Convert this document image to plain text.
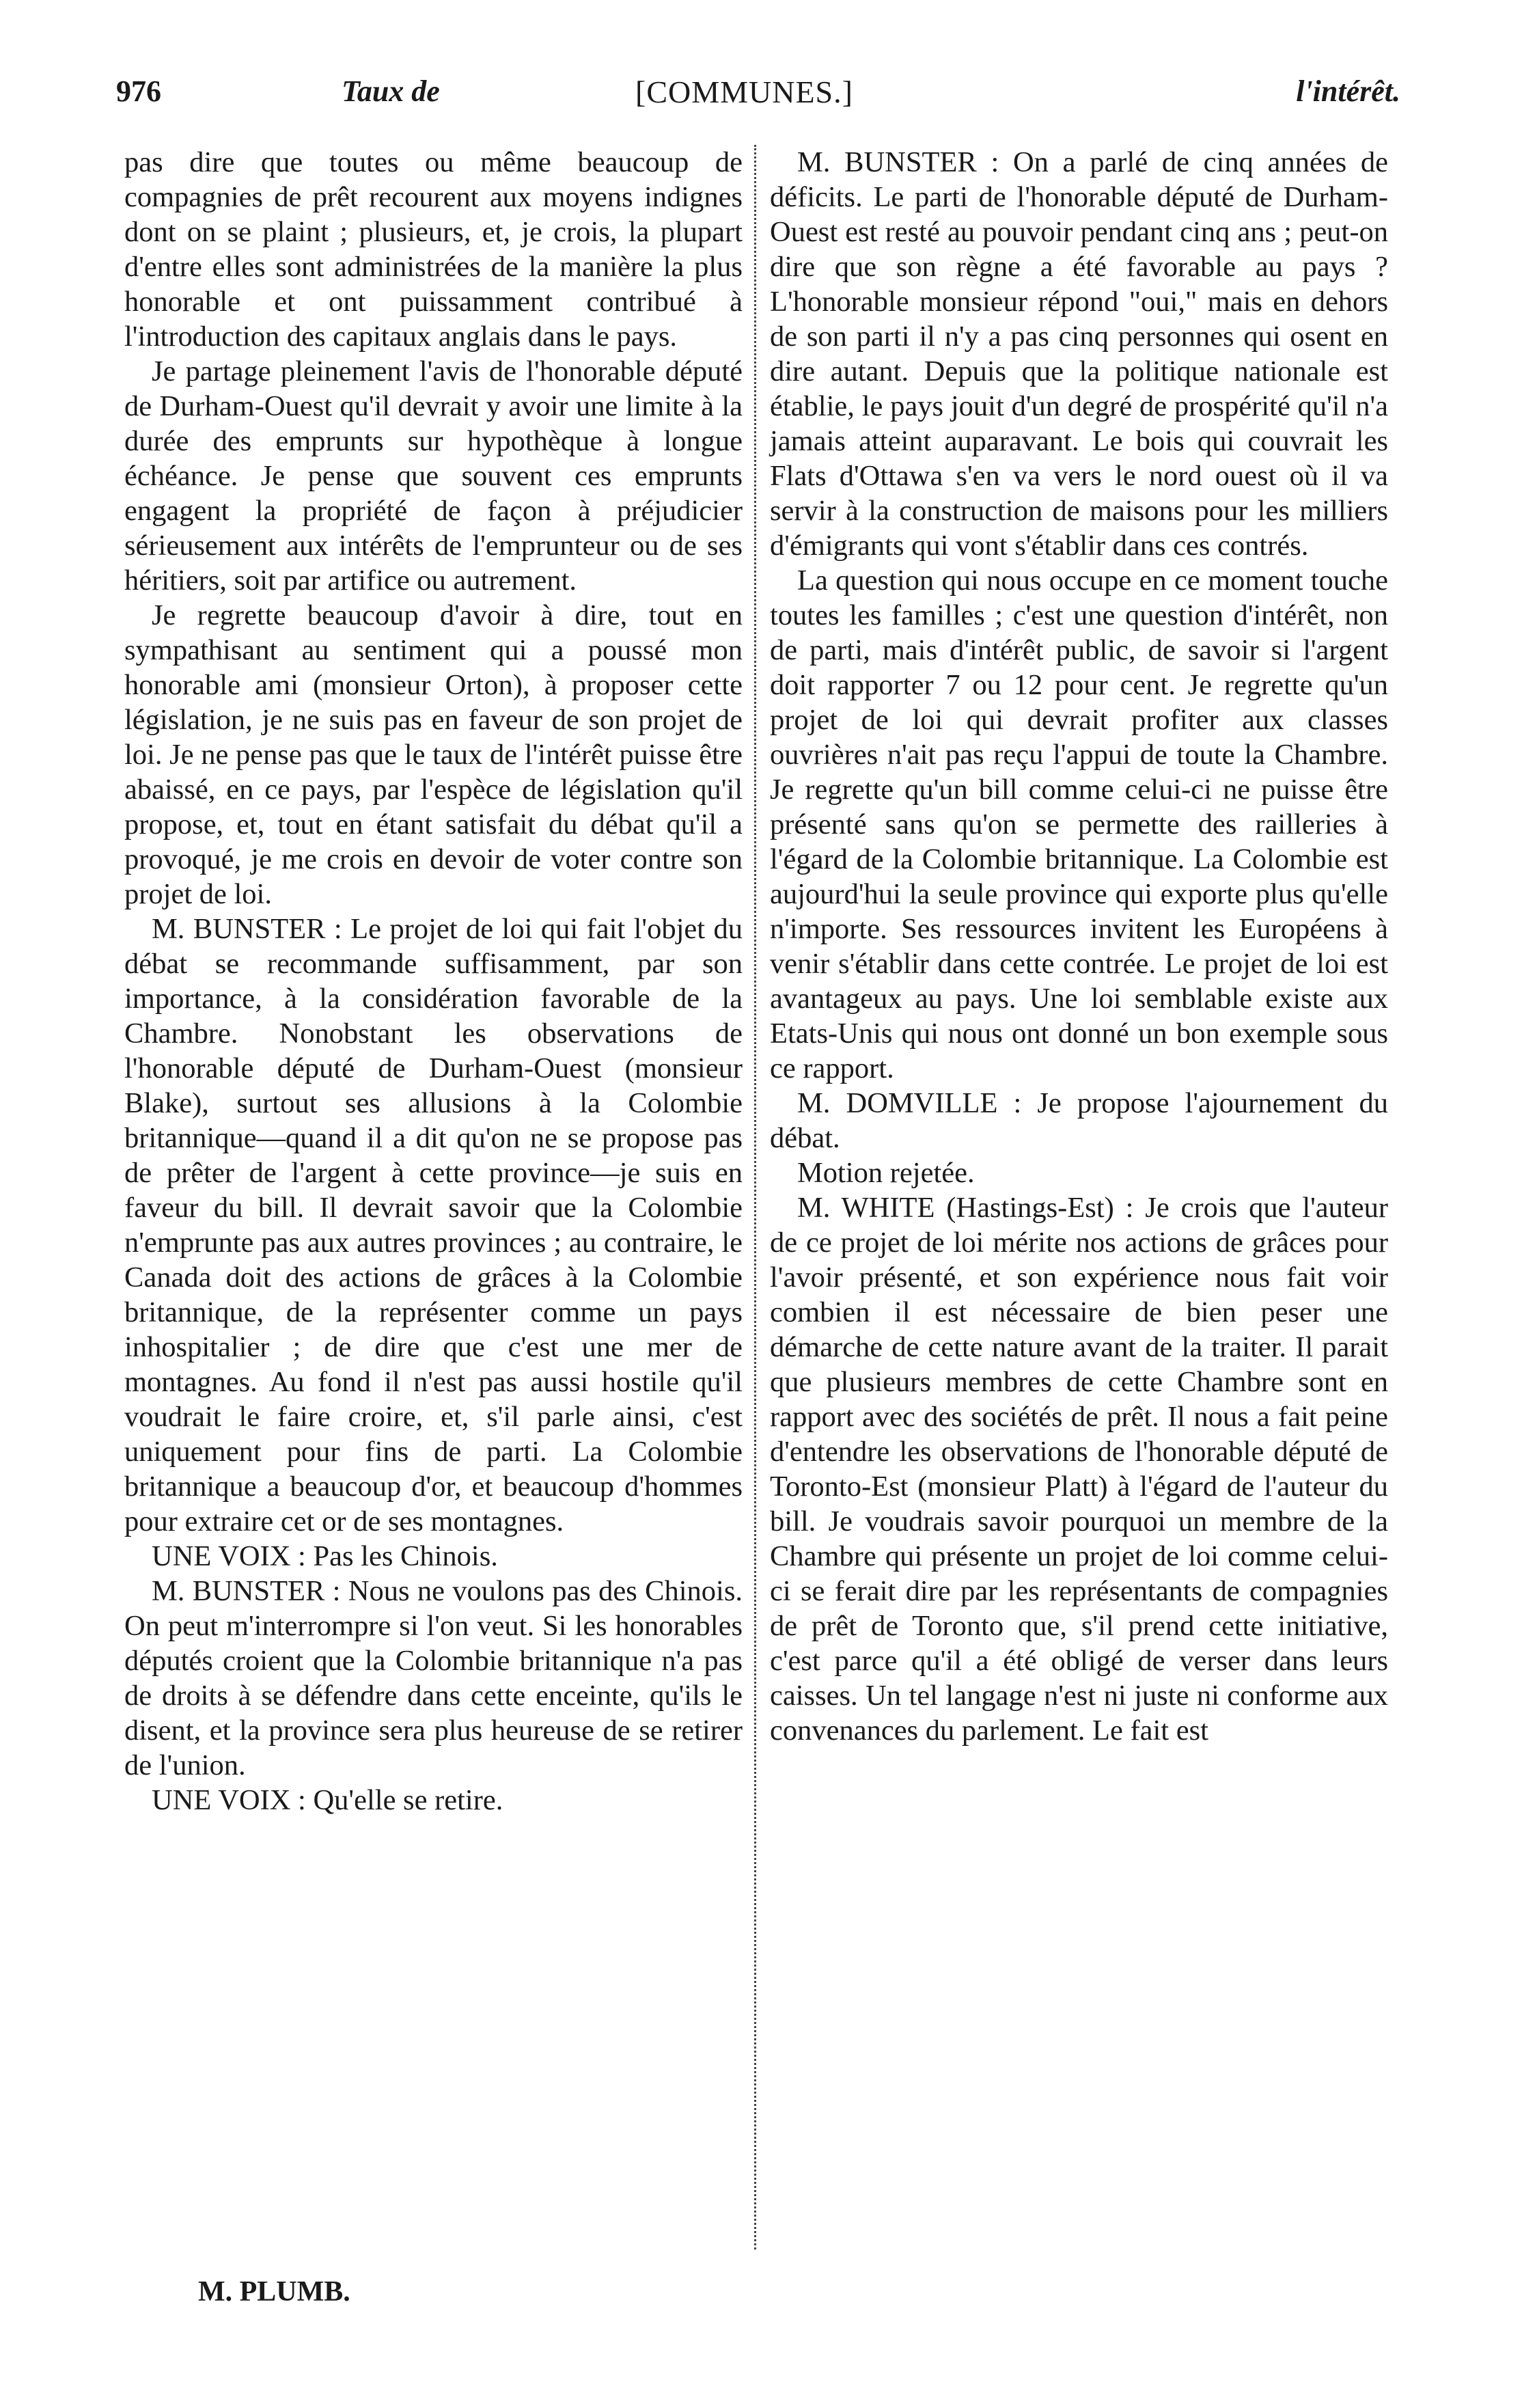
976	Taux de	[COMMUNES.]	l'intérêt.

pas dire que toutes ou même beaucoup de compagnies de prêt recourent aux moyens indignes dont on se plaint ; plusieurs, et, je crois, la plupart d'entre elles sont administrées de la manière la plus honorable et ont puissamment contribué à l'introduction des capitaux anglais dans le pays.

Je partage pleinement l'avis de l'honorable député de Durham-Ouest qu'il devrait y avoir une limite à la durée des emprunts sur hypothèque à longue échéance. Je pense que souvent ces emprunts engagent la propriété de façon à préjudicier sérieusement aux intérêts de l'emprunteur ou de ses héritiers, soit par artifice ou autrement.

Je regrette beaucoup d'avoir à dire, tout en sympathisant au sentiment qui a poussé mon honorable ami (monsieur Orton), à proposer cette législation, je ne suis pas en faveur de son projet de loi. Je ne pense pas que le taux de l'intérêt puisse être abaissé, en ce pays, par l'espèce de législation qu'il propose, et, tout en étant satisfait du débat qu'il a provoqué, je me crois en devoir de voter contre son projet de loi.

M. BUNSTER : Le projet de loi qui fait l'objet du débat se recommande suffisamment, par son importance, à la considération favorable de la Chambre. Nonobstant les observations de l'honorable député de Durham-Ouest (monsieur Blake), surtout ses allusions à la Colombie britannique—quand il a dit qu'on ne se propose pas de prêter de l'argent à cette province—je suis en faveur du bill. Il devrait savoir que la Colombie n'emprunte pas aux autres provinces ; au contraire, le Canada doit des actions de grâces à la Colombie britannique, de la représenter comme un pays inhospitalier ; de dire que c'est une mer de montagnes. Au fond il n'est pas aussi hostile qu'il voudrait le faire croire, et, s'il parle ainsi, c'est uniquement pour fins de parti. La Colombie britannique a beaucoup d'or, et beaucoup d'hommes pour extraire cet or de ses montagnes.

UNE VOIX : Pas les Chinois.

M. BUNSTER : Nous ne voulons pas des Chinois. On peut m'interrompre si l'on veut. Si les honorables députés croient que la Colombie britannique n'a pas de droits à se défendre dans cette enceinte, qu'ils le disent, et la province sera plus heureuse de se retirer de l'union.

UNE VOIX : Qu'elle se retire.

M. BUNSTER : On a parlé de cinq années de déficits. Le parti de l'honorable député de Durham-Ouest est resté au pouvoir pendant cinq ans ; peut-on dire que son règne a été favorable au pays ? L'honorable monsieur répond "oui," mais en dehors de son parti il n'y a pas cinq personnes qui osent en dire autant. Depuis que la politique nationale est établie, le pays jouit d'un degré de prospérité qu'il n'a jamais atteint auparavant. Le bois qui couvrait les Flats d'Ottawa s'en va vers le nord ouest où il va servir à la construction de maisons pour les milliers d'émigrants qui vont s'établir dans ces contrés.

La question qui nous occupe en ce moment touche toutes les familles ; c'est une question d'intérêt, non de parti, mais d'intérêt public, de savoir si l'argent doit rapporter 7 ou 12 pour cent. Je regrette qu'un projet de loi qui devrait profiter aux classes ouvrières n'ait pas reçu l'appui de toute la Chambre. Je regrette qu'un bill comme celui-ci ne puisse être présenté sans qu'on se permette des railleries à l'égard de la Colombie britannique. La Colombie est aujourd'hui la seule province qui exporte plus qu'elle n'importe. Ses ressources invitent les Européens à venir s'établir dans cette contrée. Le projet de loi est avantageux au pays. Une loi semblable existe aux Etats-Unis qui nous ont donné un bon exemple sous ce rapport.

M. DOMVILLE : Je propose l'ajournement du débat.

Motion rejetée.

M. WHITE (Hastings-Est) : Je crois que l'auteur de ce projet de loi mérite nos actions de grâces pour l'avoir présenté, et son expérience nous fait voir combien il est nécessaire de bien peser une démarche de cette nature avant de la traiter. Il parait que plusieurs membres de cette Chambre sont en rapport avec des sociétés de prêt. Il nous a fait peine d'entendre les observations de l'honorable député de Toronto-Est (monsieur Platt) à l'égard de l'auteur du bill. Je voudrais savoir pourquoi un membre de la Chambre qui présente un projet de loi comme celui-ci se ferait dire par les représentants de compagnies de prêt de Toronto que, s'il prend cette initiative, c'est parce qu'il a été obligé de verser dans leurs caisses. Un tel langage n'est ni juste ni conforme aux convenances du parlement. Le fait est

M. PLUMB.
